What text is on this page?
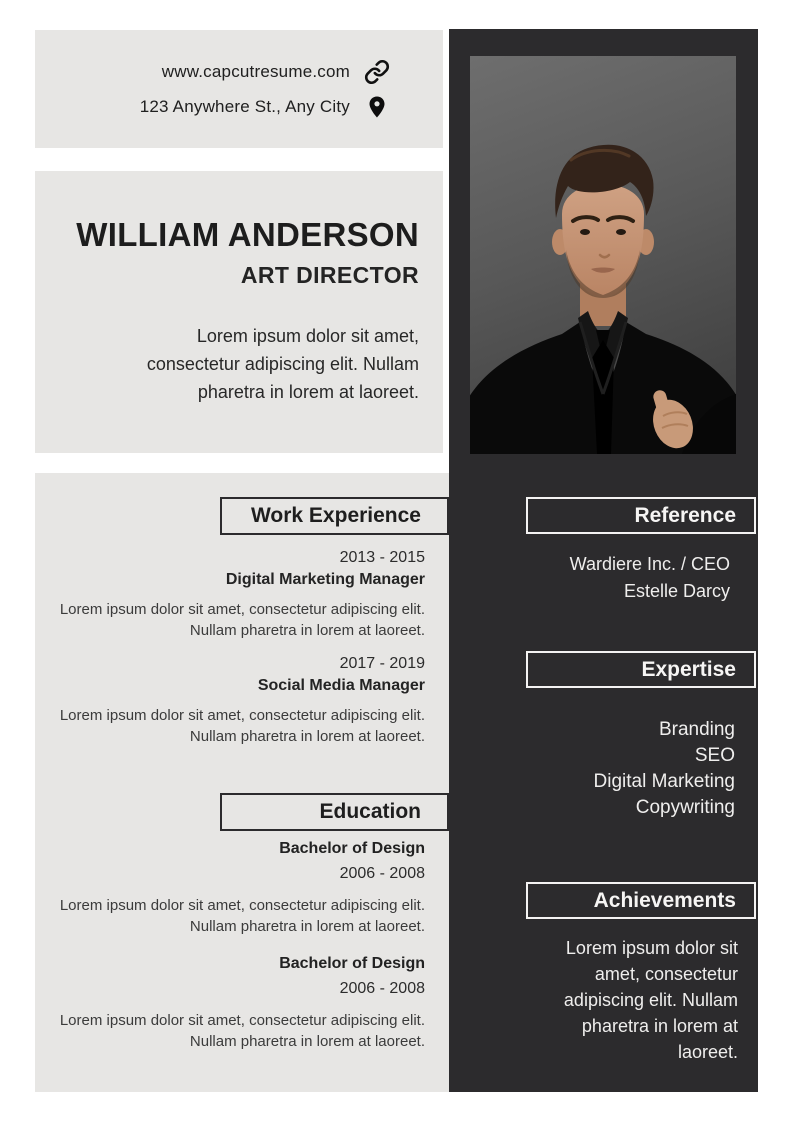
www.capcutresume.com
123 Anywhere St., Any City
WILLIAM ANDERSON
ART DIRECTOR

Lorem ipsum dolor sit amet, consectetur adipiscing elit. Nullam pharetra in lorem at laoreet.

Work Experience
2013 - 2015
Digital Marketing Manager
Lorem ipsum dolor sit amet, consectetur adipiscing elit. Nullam pharetra in lorem at laoreet.
2017 - 2019
Social Media Manager
Lorem ipsum dolor sit amet, consectetur adipiscing elit. Nullam pharetra in lorem at laoreet.
Education
Bachelor of Design
2006 - 2008
Lorem ipsum dolor sit amet, consectetur adipiscing elit. Nullam pharetra in lorem at laoreet.
Bachelor of Design
2006 - 2008
Lorem ipsum dolor sit amet, consectetur adipiscing elit. Nullam pharetra in lorem at laoreet.
Reference
Wardiere Inc. / CEO
Estelle Darcy
Expertise
Branding
SEO
Digital Marketing
Copywriting
Achievements

Lorem ipsum dolor sit amet, consectetur adipiscing elit. Nullam pharetra in lorem at laoreet.
